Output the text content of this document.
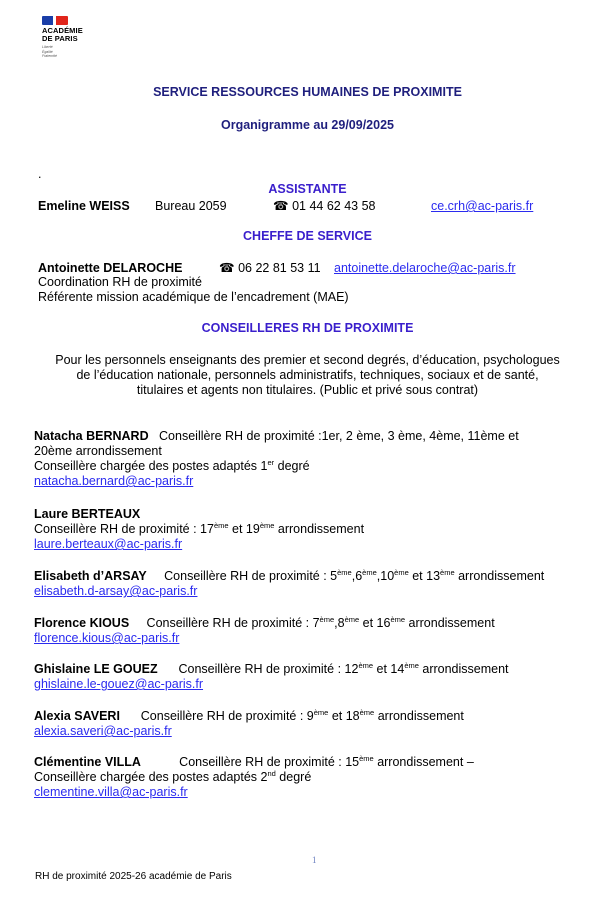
ACADÉMIE
DE PARIS
Liberté
Égalité
Fraternité
SERVICE RESSOURCES HUMAINES DE PROXIMITE
Organigramme au 29/09/2025
.
ASSISTANTE
Emeline WEISS Bureau 2059	☎ 01 44 62 43 58	ce.crh@ac-paris.fr
CHEFFE DE SERVICE
Antoinette DELAROCHE	☎ 06 22 81 53 11 antoinette.delaroche@ac-paris.fr
Coordination RH de proximité
Référente mission académique de l’encadrement (MAE)
CONSEILLERES RH DE PROXIMITE
Pour les personnels enseignants des premier et second degrés, d’éducation, psychologues
de l’éducation nationale, personnels administratifs, techniques, sociaux et de santé,
titulaires et agents non titulaires. (Public et privé sous contrat)
Natacha BERNARD Conseillère RH de proximité :1er, 2 ème, 3 ème, 4ème, 11ème et
20ème arrondissement
Conseillère chargée des postes adaptés 1er degré
natacha.bernard@ac-paris.fr
Laure BERTEAUX
Conseillère RH de proximité : 17ème et 19ème arrondissement
laure.berteaux@ac-paris.fr
Elisabeth d’ARSAY Conseillère RH de proximité : 5ème,6ème,10ème et 13ème arrondissement
elisabeth.d-arsay@ac-paris.fr
Florence KIOUS Conseillère RH de proximité : 7ème,8ème et 16ème arrondissement
florence.kious@ac-paris.fr
Ghislaine LE GOUEZ Conseillère RH de proximité : 12ème et 14ème arrondissement
ghislaine.le-gouez@ac-paris.fr
Alexia SAVERI Conseillère RH de proximité : 9ème et 18ème arrondissement
alexia.saveri@ac-paris.fr
Clémentine VILLA	Conseillère RH de proximité : 15ème arrondissement –
Conseillère chargée des postes adaptés 2nd degré
clementine.villa@ac-paris.fr
1
RH de proximité 2025-26 académie de Paris
